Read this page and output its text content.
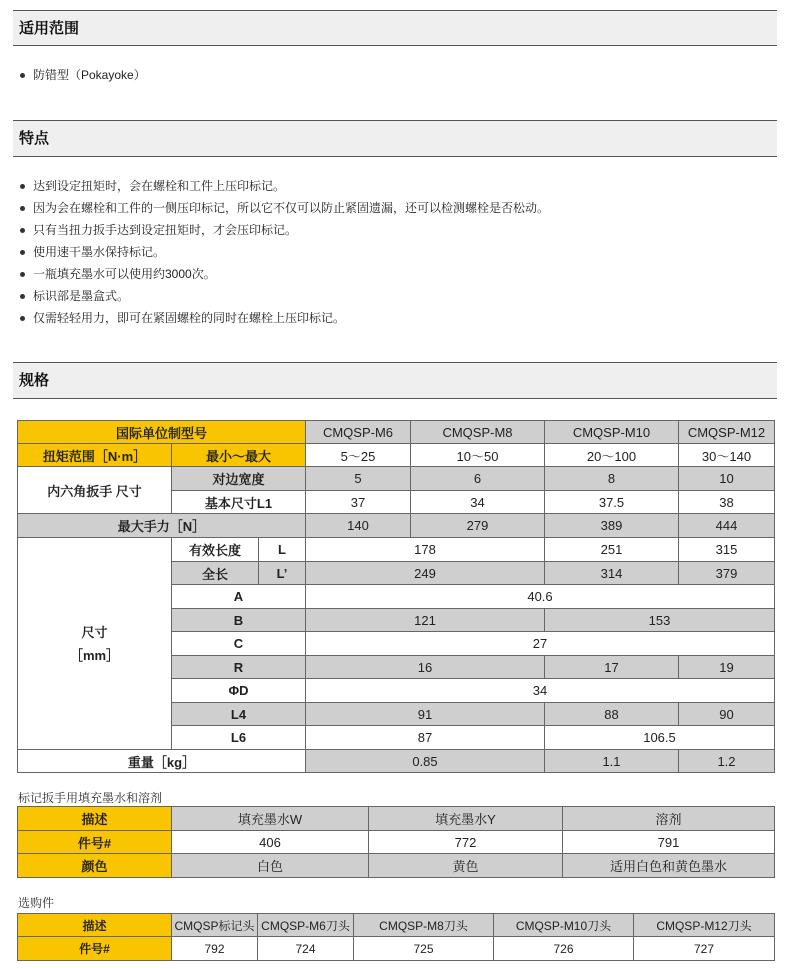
适用范围
防错型（Pokayoke）
特点
达到设定扭矩时，会在螺栓和工件上压印标记。
因为会在螺栓和工件的一侧压印标记，所以它不仅可以防止紧固遗漏，还可以检测螺栓是否松动。
只有当扭力扳手达到设定扭矩时，才会压印标记。
使用速干墨水保持标记。
一瓶填充墨水可以使用约3000次。
标识部是墨盒式。
仅需轻轻用力，即可在紧固螺栓的同时在螺栓上压印标记。
规格
国际单位制型号			CMQSP-M6	CMQSP-M8	CMQSP-M10	CMQSP-M12
扭矩范围［N·m］	最小～最大		5～25	10～50	20～100	30～140
内六角扳手 尺寸	对边宽度		5	6	8	10
	基本尺寸L1		37	34	37.5	38
最大手力［N］			140	279	389	444
尺寸
［mm］	有效长度	L	178		251	315
	全长	L’	249		314	379
	A		40.6			
	B		121		153	
	C		27			
	R		16		17	19
	ΦD		34			
	L4		91		88	90
	L6		87		106.5	
重量［kg］			0.85		1.1	1.2
标记扳手用填充墨水和溶剂
描述	填充墨水W	填充墨水Y	溶剂
件号#	406	772	791
颜色	白色	黄色	适用白色和黄色墨水
选购件
描述	CMQSP标记头	CMQSP-M6刀头	CMQSP-M8刀头	CMQSP-M10刀头	CMQSP-M12刀头
件号#	792	724	725	726	727
